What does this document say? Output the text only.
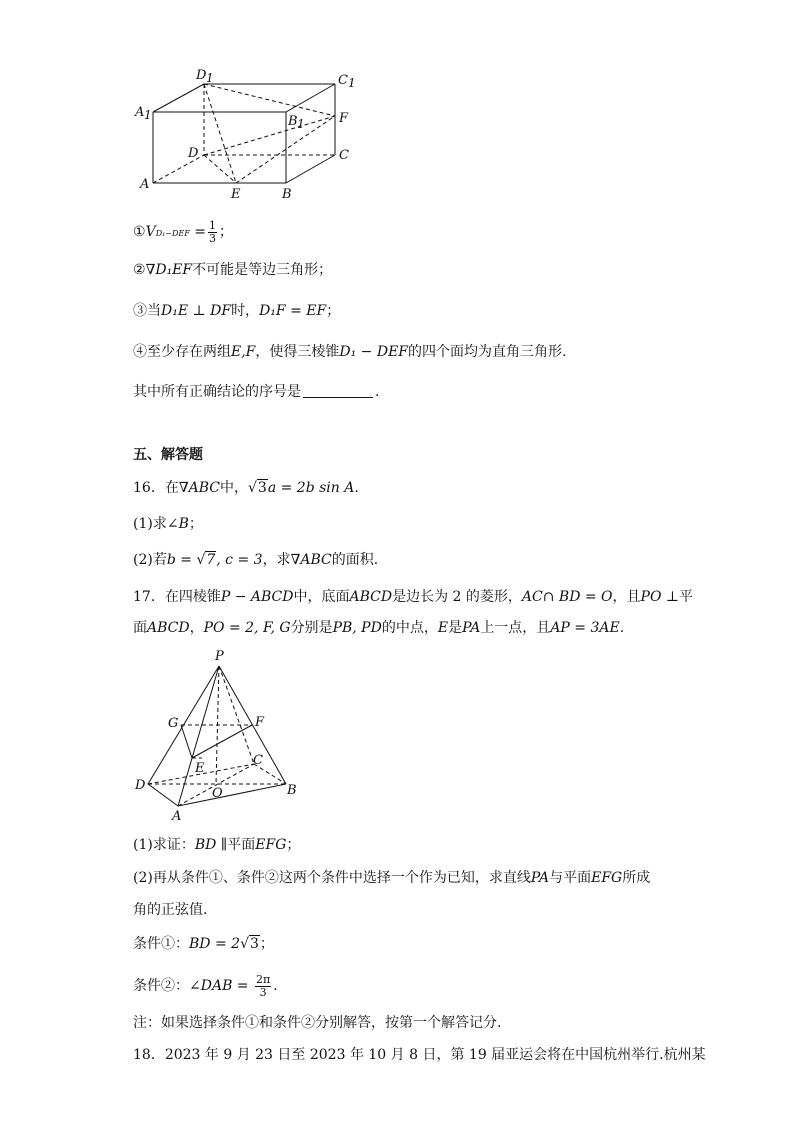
D 1	C 1
A 1	B 1	F
D	C
A
E	B
①VD₁−DEF = $\frac{1}{3}$ ；
②∇D₁EF不可能是等边三角形；
③当D₁E ⊥ DF时，D₁F = EF；
④至少存在两组E,F，使得三棱锥D₁ − DEF的四个面均为直角三角形.
其中所有正确结论的序号是	.
五、解答题
16．在∇ABC中，√3a = 2b sin A.
(1)求∠B；
(2)若b = √7, c = 3，求∇ABC的面积.
17．在四棱锥P − ABCD中，底面ABCD是边长为 2 的菱形，AC∩ BD = O，且PO ⊥平
面ABCD，PO = 2, F, G分别是PB, PD的中点，E是PA上一点，且AP = 3AE.
P
G	F
E
C
D
O	B
A
(1)求证：BD ∥平面EFG；
(2)再从条件①、条件②这两个条件中选择一个作为已知，求直线PA与平面EFG所成
角的正弦值.
条件①：BD = 2√3；
条件②：∠DAB = $\frac{2\pi}{3}$ .
注：如果选择条件①和条件②分别解答，按第一个解答记分.
18．2023 年 9 月 23 日至 2023 年 10 月 8 日，第 19 届亚运会将在中国杭州举行.杭州某
